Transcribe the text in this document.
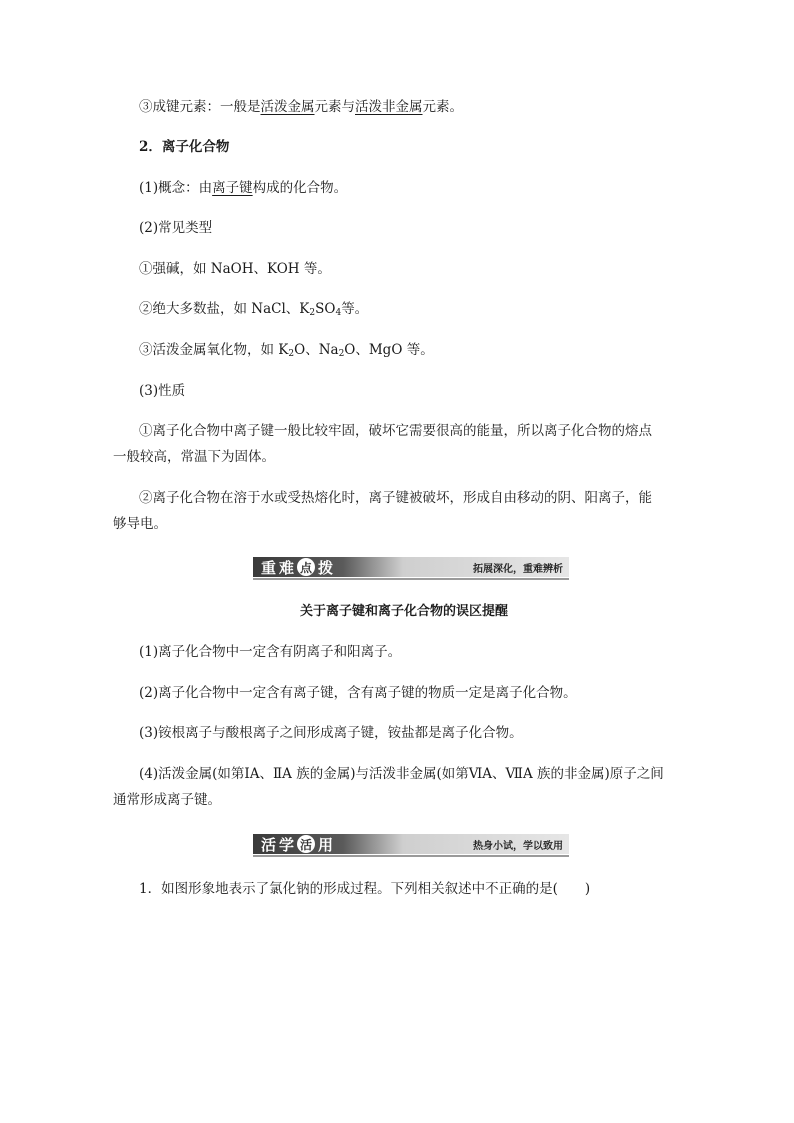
③成键元素：一般是活泼金属元素与活泼非金属元素。
2．离子化合物
(1)概念：由离子键构成的化合物。
(2)常见类型
①强碱，如 NaOH、KOH 等。
②绝大多数盐，如 NaCl、$K_2SO_4$等。
③活泼金属氧化物，如 $K_2O$、$Na_2O$、MgO 等。
(3)性质
①离子化合物中离子键一般比较牢固，破坏它需要很高的能量，所以离子化合物的熔点
一般较高，常温下为固体。
②离子化合物在溶于水或受热熔化时，离子键被破坏，形成自由移动的阴、阳离子，能
够导电。
重 难 点 拨	拓展深化，重难辨析
关于离子键和离子化合物的误区提醒
(1)离子化合物中一定含有阴离子和阳离子。
(2)离子化合物中一定含有离子键，含有离子键的物质一定是离子化合物。
(3)铵根离子与酸根离子之间形成离子键，铵盐都是离子化合物。
(4)活泼金属(如第ⅠA、ⅡA 族的金属)与活泼非金属(如第ⅥA、ⅦA 族的非金属)原子之间
通常形成离子键。
活 学 活 用	热身小试，学以致用
1．如图形象地表示了氯化钠的形成过程。下列相关叙述中不正确的是(　　)
